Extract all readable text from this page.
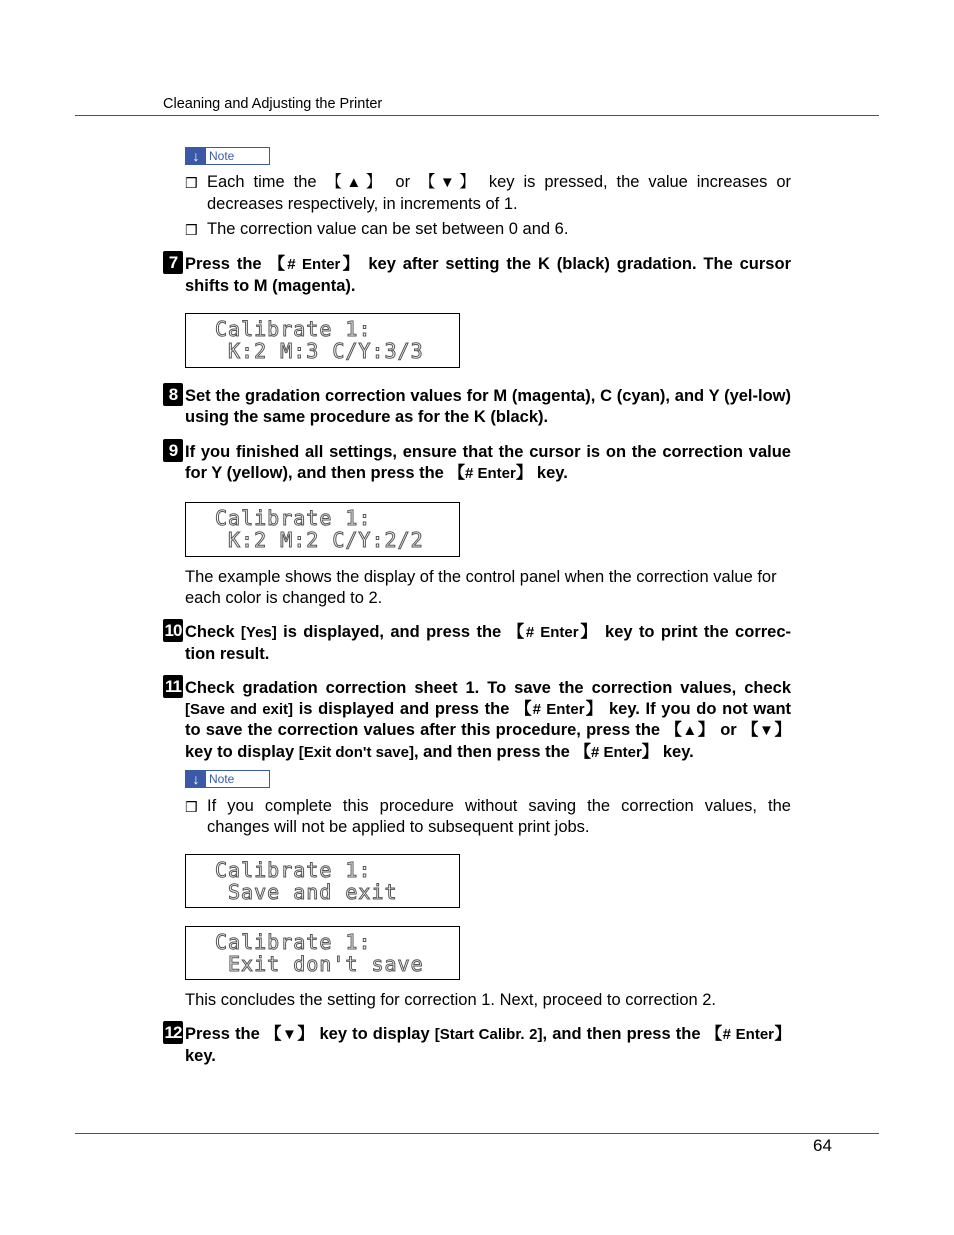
Cleaning and Adjusting the Printer
↓ Note
❒ Each time the 【▲】 or 【▼】 key is pressed, the value increases or decreases respectively, in increments of 1.
❒ The correction value can be set between 0 and 6.
7 Press the 【# Enter】 key after setting the K (black) gradation. The cursor shifts to M (magenta).
Calibrate 1:
K:2 M:3 C/Y:3/3
8 Set the gradation correction values for M (magenta), C (cyan), and Y (yel-low) using the same procedure as for the K (black).
9 If you finished all settings, ensure that the cursor is on the correction value for Y (yellow), and then press the 【# Enter】 key.
Calibrate 1:
K:2 M:2 C/Y:2/2
The example shows the display of the control panel when the correction value for each color is changed to 2.
10 Check [Yes] is displayed, and press the 【# Enter】 key to print the correc-tion result.
11 Check gradation correction sheet 1. To save the correction values, check [Save and exit] is displayed and press the 【# Enter】 key. If you do not want to save the correction values after this procedure, press the 【▲】 or 【▼】 key to display [Exit don't save], and then press the 【# Enter】 key.
↓ Note
❒ If you complete this procedure without saving the correction values, the changes will not be applied to subsequent print jobs.
Calibrate 1:
Save and exit
Calibrate 1:
Exit don't save
This concludes the setting for correction 1. Next, proceed to correction 2.
12 Press the 【▼】 key to display [Start Calibr. 2], and then press the 【# Enter】 key.
64
